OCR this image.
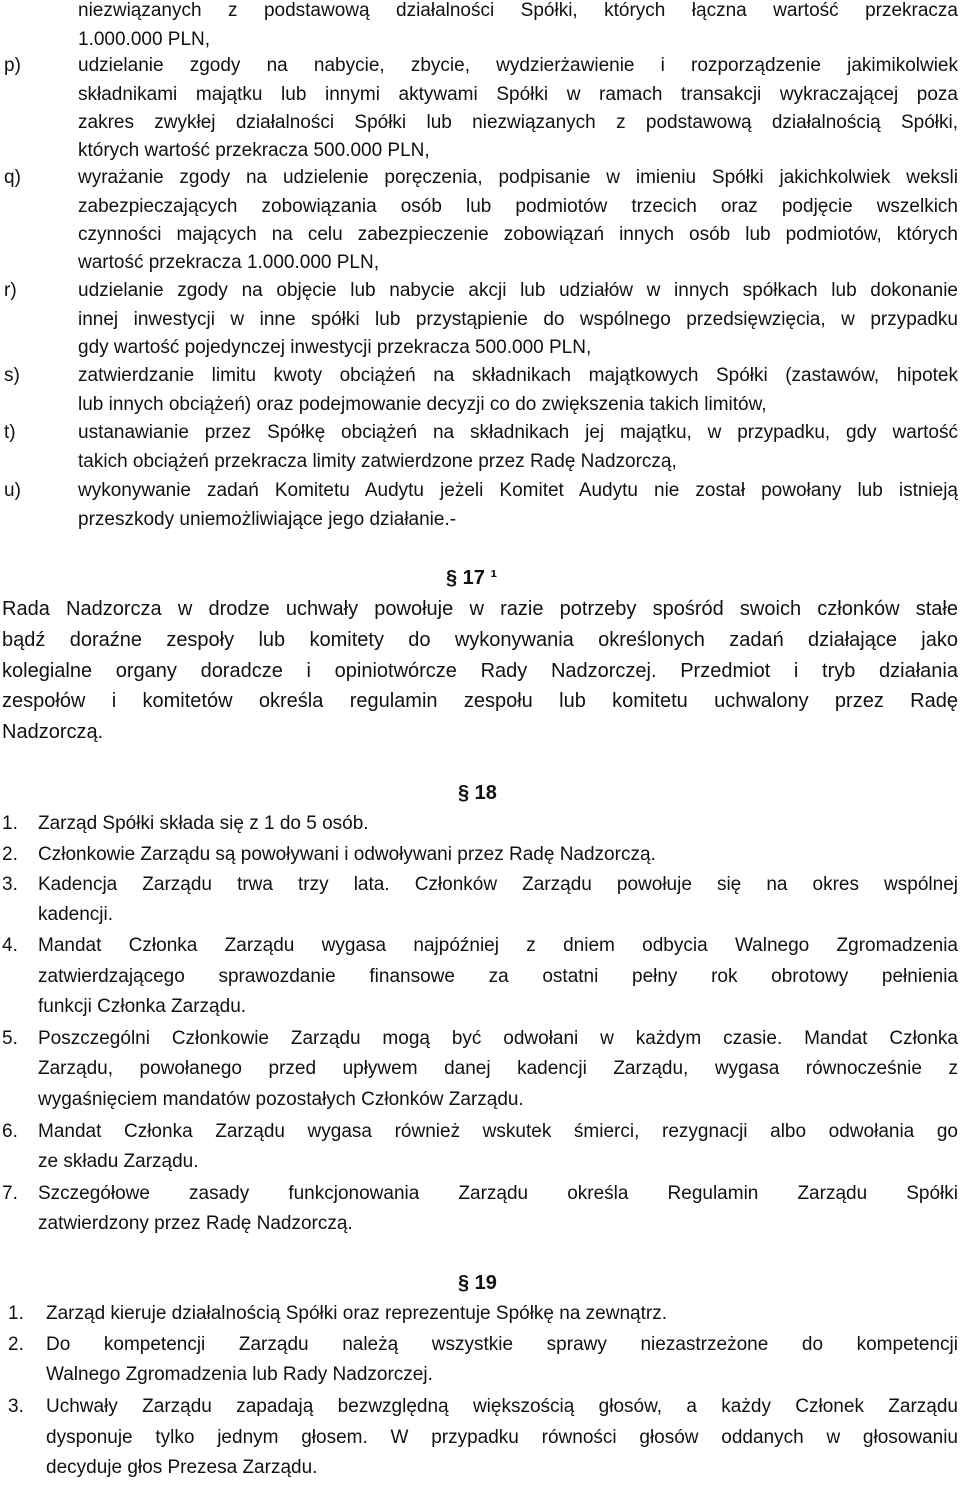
niezwiązanych z podstawową działalności Spółki, których łączna wartość przekracza
1.000.000 PLN,
p)	udzielanie zgody na nabycie, zbycie, wydzierżawienie i rozporządzenie jakimikolwiek
składnikami majątku lub innymi aktywami Spółki w ramach transakcji wykraczającej poza
zakres zwykłej działalności Spółki lub niezwiązanych z podstawową działalnością Spółki,
których wartość przekracza 500.000 PLN,
q)	wyrażanie zgody na udzielenie poręczenia, podpisanie w imieniu Spółki jakichkolwiek weksli
zabezpieczających zobowiązania osób lub podmiotów trzecich oraz podjęcie wszelkich
czynności mających na celu zabezpieczenie zobowiązań innych osób lub podmiotów, których
wartość przekracza 1.000.000 PLN,
r)	udzielanie zgody na objęcie lub nabycie akcji lub udziałów w innych spółkach lub dokonanie
innej inwestycji w inne spółki lub przystąpienie do wspólnego przedsięwzięcia, w przypadku
gdy wartość pojedynczej inwestycji przekracza 500.000 PLN,
s)	zatwierdzanie limitu kwoty obciążeń na składnikach majątkowych Spółki (zastawów, hipotek
lub innych obciążeń) oraz podejmowanie decyzji co do zwiększenia takich limitów,
t)	ustanawianie przez Spółkę obciążeń na składnikach jej majątku, w przypadku, gdy wartość
takich obciążeń przekracza limity zatwierdzone przez Radę Nadzorczą,
u)	wykonywanie zadań Komitetu Audytu jeżeli Komitet Audytu nie został powołany lub istnieją
przeszkody uniemożliwiające jego działanie.-
§ 17 ¹
Rada Nadzorcza w drodze uchwały powołuje w razie potrzeby spośród swoich członków stałe
bądź doraźne zespoły lub komitety do wykonywania określonych zadań działające jako
kolegialne organy doradcze i opiniotwórcze Rady Nadzorczej. Przedmiot i tryb działania
zespołów i komitetów określa regulamin zespołu lub komitetu uchwalony przez Radę
Nadzorczą.
§ 18
1. Zarząd Spółki składa się z 1 do 5 osób.
2. Członkowie Zarządu są powoływani i odwoływani przez Radę Nadzorczą.
3. Kadencja Zarządu trwa trzy lata. Członków Zarządu powołuje się na okres wspólnej
kadencji.
4. Mandat Członka Zarządu wygasa najpóźniej z dniem odbycia Walnego Zgromadzenia
zatwierdzającego sprawozdanie finansowe za ostatni pełny rok obrotowy pełnienia
funkcji Członka Zarządu.
5. Poszczególni Członkowie Zarządu mogą być odwołani w każdym czasie. Mandat Członka
Zarządu, powołanego przed upływem danej kadencji Zarządu, wygasa równocześnie z
wygaśnięciem mandatów pozostałych Członków Zarządu.
6. Mandat Członka Zarządu wygasa również wskutek śmierci, rezygnacji albo odwołania go
ze składu Zarządu.
7. Szczegółowe zasady funkcjonowania Zarządu określa Regulamin Zarządu Spółki
zatwierdzony przez Radę Nadzorczą.
§ 19
1. Zarząd kieruje działalnością Spółki oraz reprezentuje Spółkę na zewnątrz.
2. Do kompetencji Zarządu należą wszystkie sprawy niezastrzeżone do kompetencji
Walnego Zgromadzenia lub Rady Nadzorczej.
3. Uchwały Zarządu zapadają bezwzględną większością głosów, a każdy Członek Zarządu
dysponuje tylko jednym głosem. W przypadku równości głosów oddanych w głosowaniu
decyduje głos Prezesa Zarządu.
